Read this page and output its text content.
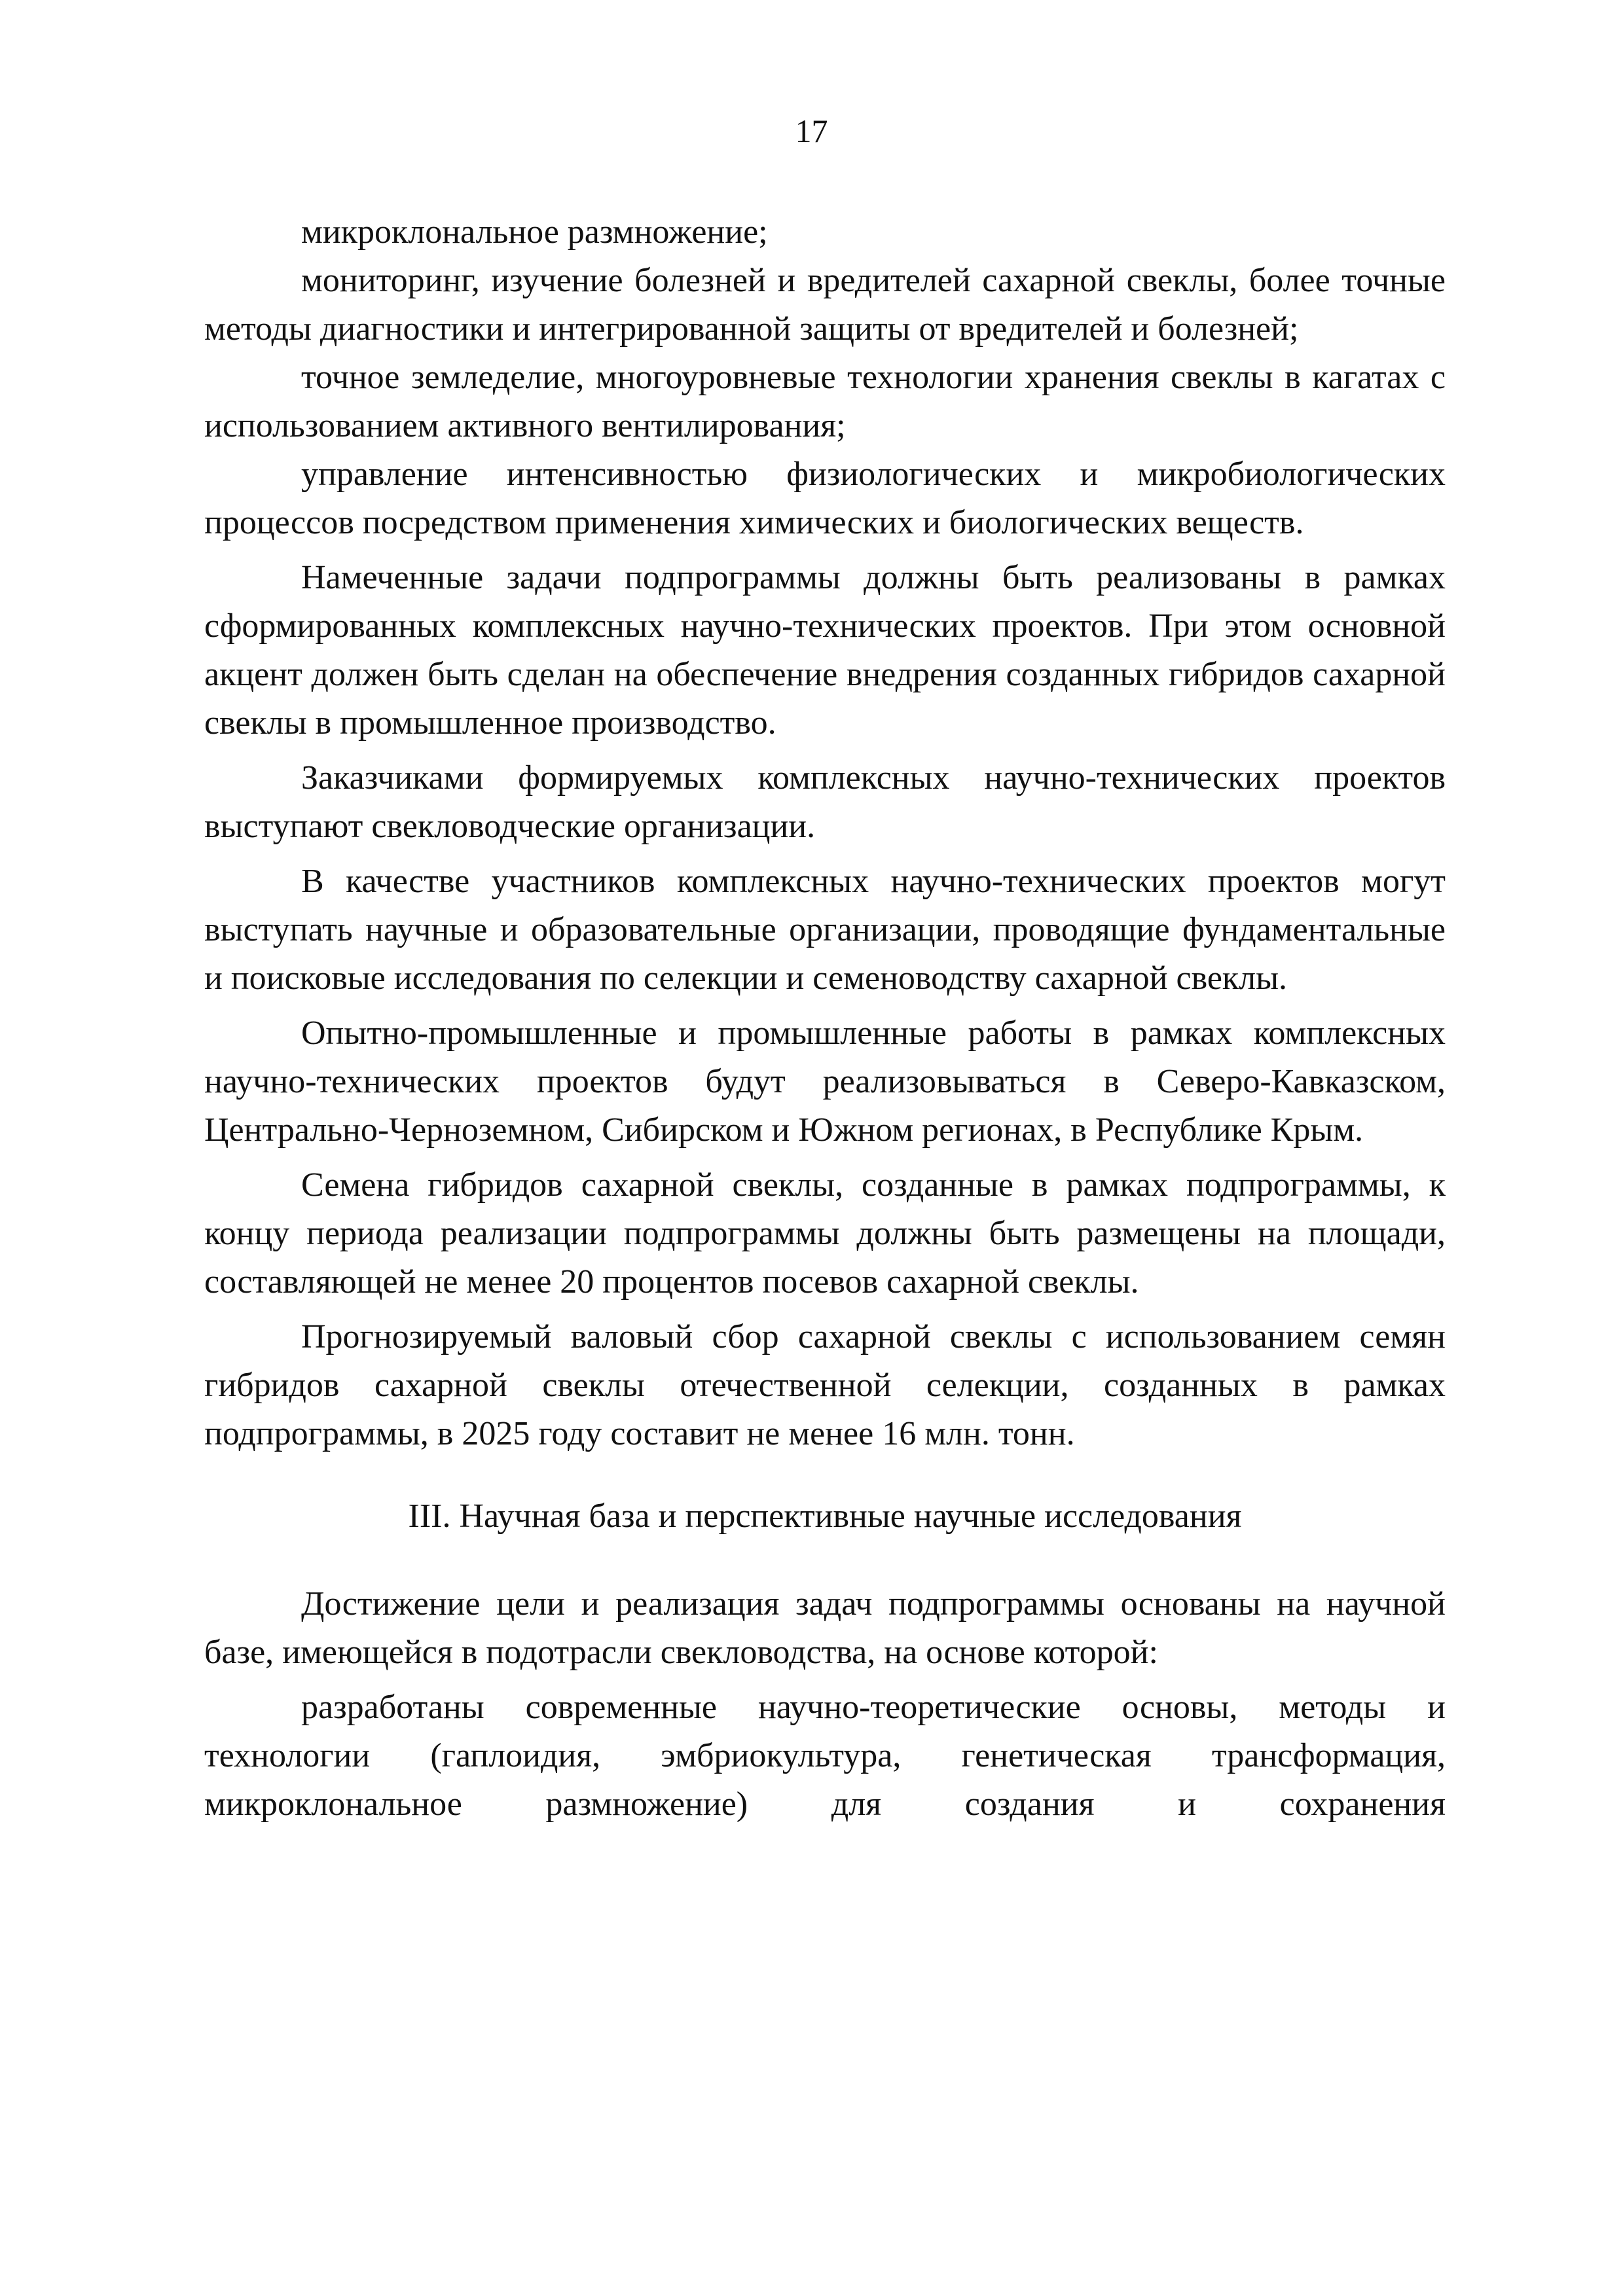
17

микроклональное размножение;

мониторинг, изучение болезней и вредителей сахарной свеклы, более точные методы диагностики и интегрированной защиты от вредителей и болезней;

точное земледелие, многоуровневые технологии хранения свеклы в кагатах с использованием активного вентилирования;

управление интенсивностью физиологических и микробиологических процессов посредством применения химических и биологических веществ.

Намеченные задачи подпрограммы должны быть реализованы в рамках сформированных комплексных научно-технических проектов. При этом основной акцент должен быть сделан на обеспечение внедрения созданных гибридов сахарной свеклы в промышленное производство.

Заказчиками формируемых комплексных научно-технических проектов выступают свекловодческие организации.

В качестве участников комплексных научно-технических проектов могут выступать научные и образовательные организации, проводящие фундаментальные и поисковые исследования по селекции и семеноводству сахарной свеклы.

Опытно-промышленные и промышленные работы в рамках комплексных научно-технических проектов будут реализовываться в Северо-Кавказском, Центрально-Черноземном, Сибирском и Южном регионах, в Республике Крым.

Семена гибридов сахарной свеклы, созданные в рамках подпрограммы, к концу периода реализации подпрограммы должны быть размещены на площади, составляющей не менее 20 процентов посевов сахарной свеклы.

Прогнозируемый валовый сбор сахарной свеклы с использованием семян гибридов сахарной свеклы отечественной селекции, созданных в рамках подпрограммы, в 2025 году составит не менее 16 млн. тонн.

III. Научная база и перспективные научные исследования

Достижение цели и реализация задач подпрограммы основаны на научной базе, имеющейся в подотрасли свекловодства, на основе которой:

разработаны современные научно-теоретические основы, методы и технологии (гаплоидия, эмбриокультура, генетическая трансформация, микроклональное размножение) для создания и сохранения
